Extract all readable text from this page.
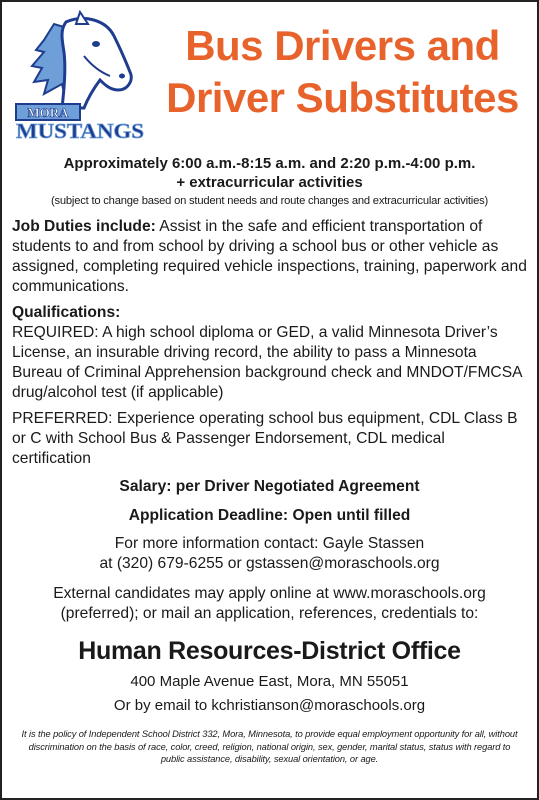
MORA
MUSTANGS
Bus Drivers and
Driver Substitutes

Approximately 6:00 a.m.-8:15 a.m. and 2:20 p.m.-4:00 p.m.

+ extracurricular activities

(subject to change based on student needs and route changes and extracurricular activities)

Job Duties include: Assist in the safe and efficient transportation of students to and from school by driving a school bus or other vehicle as assigned, completing required vehicle inspections, training, paperwork and communications.

Qualifications:

REQUIRED: A high school diploma or GED, a valid Minnesota Driver’s License, an insurable driving record, the ability to pass a Minnesota Bureau of Criminal Apprehension background check and MNDOT/FMCSA drug/alcohol test (if applicable)

PREFERRED: Experience operating school bus equipment, CDL Class B or C with School Bus & Passenger Endorsement, CDL medical certification

Salary: per Driver Negotiated Agreement

Application Deadline: Open until filled

For more information contact: Gayle Stassen
at (320) 679-6255 or gstassen@moraschools.org

External candidates may apply online at www.moraschools.org
(preferred); or mail an application, references, credentials to:

Human Resources-District Office

400 Maple Avenue East, Mora, MN 55051

Or by email to kchristianson@moraschools.org

It is the policy of Independent School District 332, Mora, Minnesota, to provide equal employment opportunity for all, without discrimination on the basis of race, color, creed, religion, national origin, sex, gender, marital status, status with regard to public assistance, disability, sexual orientation, or age.
